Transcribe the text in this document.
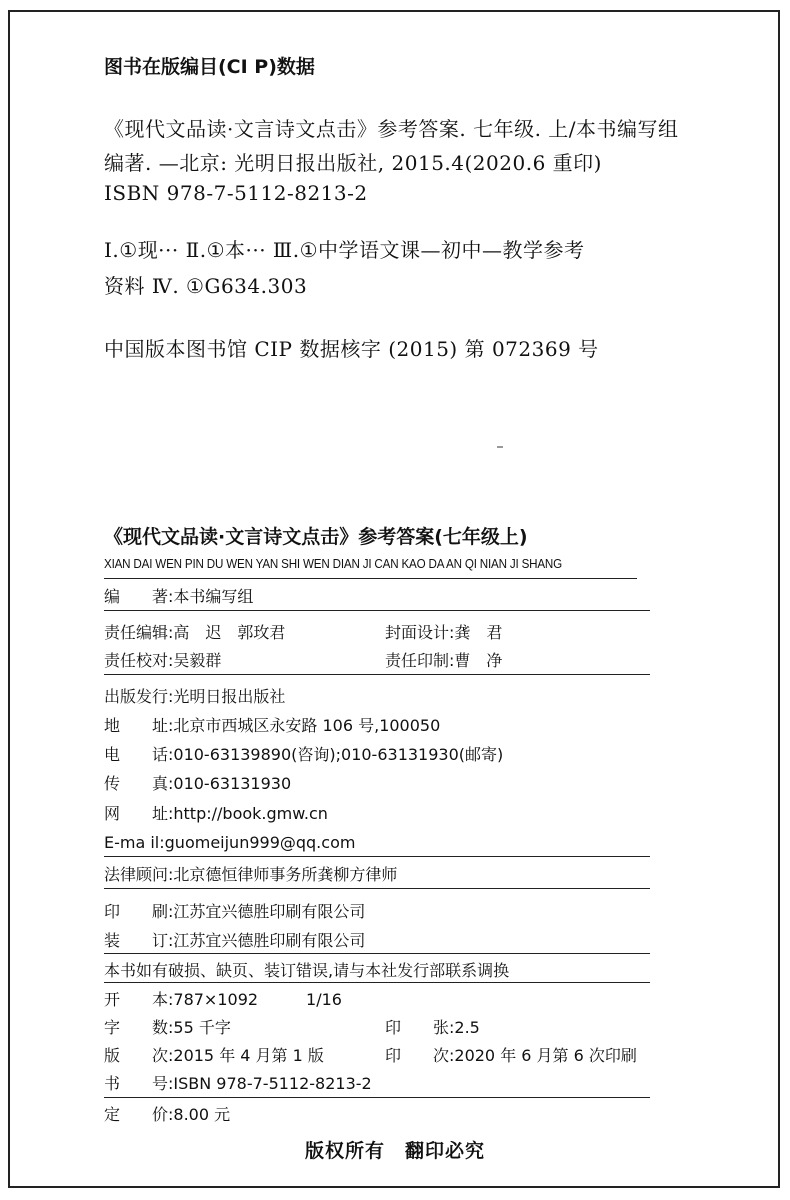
图书在版编目(CI P)数据
《现代文品读·文言诗文点击》参考答案. 七年级. 上/本书编写组
编著. —北京: 光明日报出版社, 2015.4(2020.6 重印)
ISBN 978-7-5112-8213-2
Ⅰ.①现··· Ⅱ.①本··· Ⅲ.①中学语文课—初中—教学参考
资料 Ⅳ. ①G634.303
中国版本图书馆 CIP 数据核字 (2015) 第 072369 号
《现代文品读·文言诗文点击》参考答案(七年级上)
XIAN DAI WEN PIN DU WEN YAN SHI WEN DIAN JI CAN KAO DA AN QI NIAN JI SHANG
编　　著:本书编写组
责任编辑:高　迟　郭玫君	封面设计:龚　君
责任校对:吴毅群	责任印制:曹　净
出版发行:光明日报出版社
地　　址:北京市西城区永安路 106 号,100050
电　　话:010-63139890(咨询);010-63131930(邮寄)
传　　真:010-63131930
网　　址:http://book.gmw.cn
E-ma il:guomeijun999@qq.com
法律顾问:北京德恒律师事务所龚柳方律师
印　　刷:江苏宜兴德胜印刷有限公司
装　　订:江苏宜兴德胜印刷有限公司
本书如有破损、缺页、装订错误,请与本社发行部联系调换
开　　本:787×1092　　　1/16
字　　数:55 千字	印　　张:2.5
版　　次:2015 年 4 月第 1 版	印　　次:2020 年 6 月第 6 次印刷
书　　号:ISBN 978-7-5112-8213-2
定　　价:8.00 元
版权所有　翻印必究
